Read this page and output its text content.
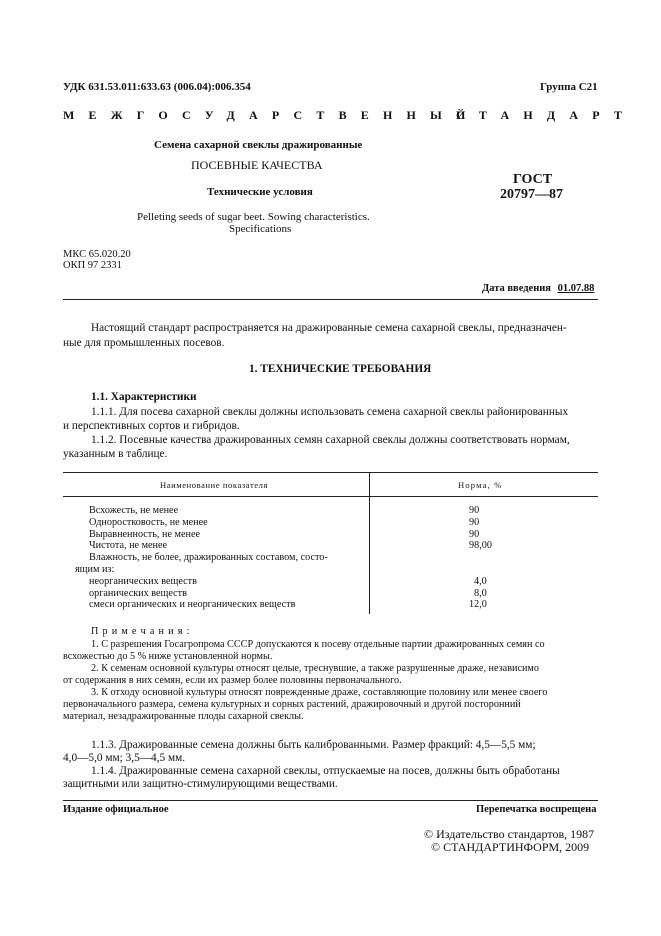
УДК 631.53.011:633.63 (006.04):006.354	Группа С21
МЕЖГОСУДАРСТВЕННЫЙ
СТАНДАРТ
Семена сахарной свеклы дражированные
ПОСЕВНЫЕ КАЧЕСТВА
Технические условия
Pelleting seeds of sugar beet. Sowing characteristics.
Specifications
ГОСТ
20797—87
МКС 65.020.20
ОКП 97 2331
Дата введения 01.07.88
Настоящий стандарт распространяется на дражированные семена сахарной свеклы, предназначен-
ные для промышленных посевов.
1. ТЕХНИЧЕСКИЕ ТРЕБОВАНИЯ
1.1. Характеристики
1.1.1. Для посева сахарной свеклы должны использовать семена сахарной свеклы районированных
и перспективных сортов и гибридов.
1.1.2. Посевные качества дражированных семян сахарной свеклы должны соответствовать нормам,
указанным в таблице.
Наименование показателя	Норма, %
Всхожесть, не менее	90
Одноростковость, не менее	90
Выравненность, не менее	90
Чистота, не менее	98,00
Влажность, не более, дражированных составом, состо-
ящим из:
неорганических веществ	4,0
органических веществ	8,0
смеси органических и неорганических веществ	12,0
П р и м е ч а н и я :
1. С разрешения Госагропрома СССР допускаются к посеву отдельные партии дражированных семян со
всхожестью до 5 % ниже установленной нормы.
2. К семенам основной культуры относят целые, треснувшие, а также разрушенные драже, независимо
от содержания в них семян, если их размер более половины первоначального.
3. К отходу основной культуры относят поврежденные драже, составляющие половину или менее своего
первоначального размера, семена культурных и сорных растений, дражировочный и другой посторонний
материал, незадражированные плоды сахарной свеклы.
1.1.3. Дражированные семена должны быть калиброванными. Размер фракций: 4,5—5,5 мм;
4,0—5,0 мм; 3,5—4,5 мм.
1.1.4. Дражированные семена сахарной свеклы, отпускаемые на посев, должны быть обработаны
защитными или защитно-стимулирующими веществами.
Издание официальное	Перепечатка воспрещена
© Издательство стандартов, 1987
© СТАНДАРТИНФОРМ, 2009
